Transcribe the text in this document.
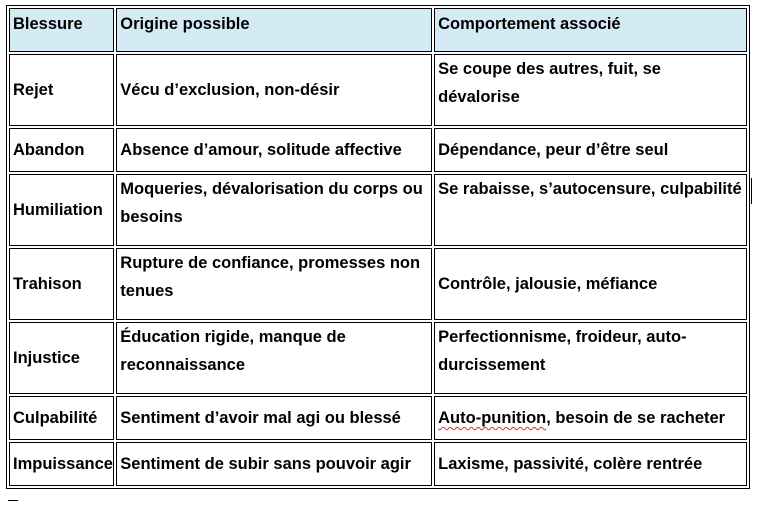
Blessure	Origine possible	Comportement associé
Rejet	Vécu d’exclusion, non-désir	Se coupe des autres, fuit, se dévalorise
Abandon	Absence d’amour, solitude affective	Dépendance, peur d’être seul
Humiliation	Moqueries, dévalorisation du corps ou besoins	Se rabaisse, s’autocensure, culpabilité
Trahison	Rupture de confiance, promesses non tenues	Contrôle, jalousie, méfiance
Injustice	Éducation rigide, manque de reconnaissance	Perfectionnisme, froideur, auto-durcissement
Culpabilité	Sentiment d’avoir mal agi ou blessé	Auto-punition, besoin de se racheter
Impuissance	Sentiment de subir sans pouvoir agir	Laxisme, passivité, colère rentrée
